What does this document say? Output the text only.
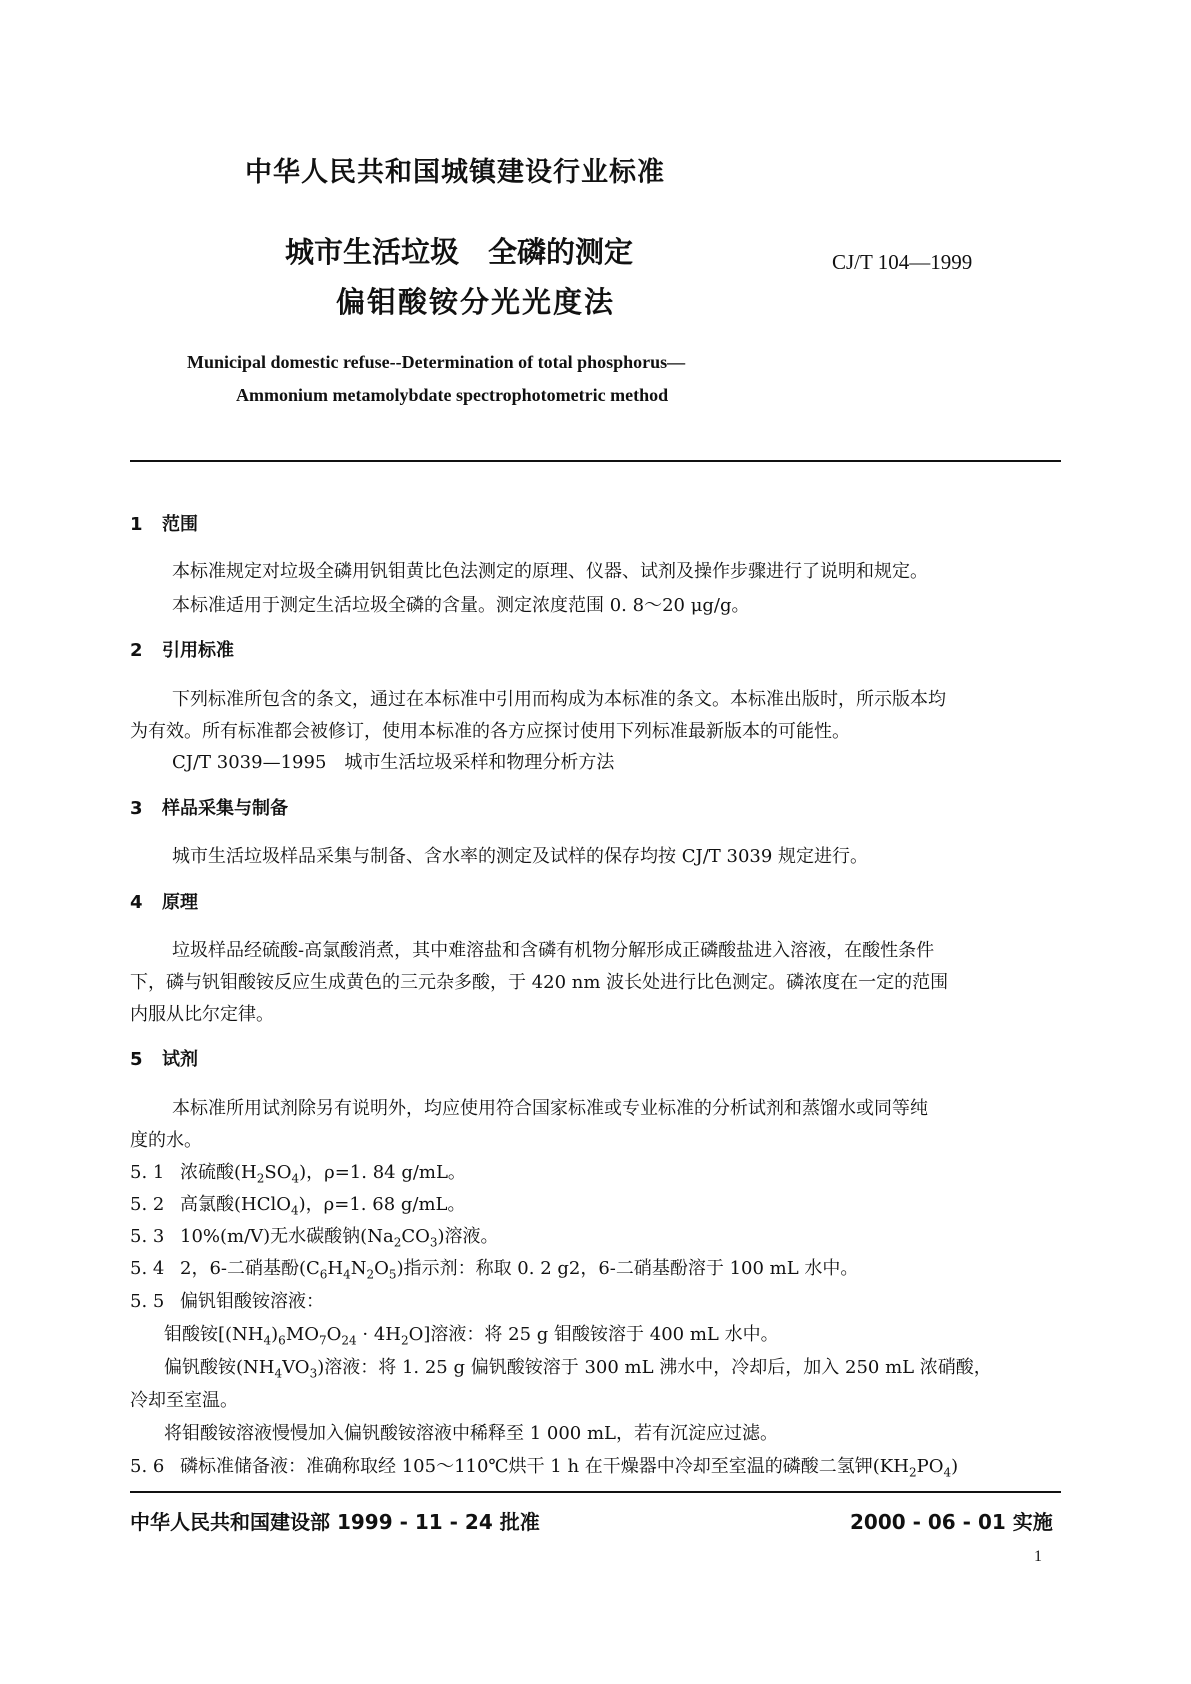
中华人民共和国城镇建设行业标准
城市生活垃圾　全磷的测定
偏钼酸铵分光光度法
CJ/T 104—1999
Municipal domestic refuse--Determination of total phosphorus—
Ammonium metamolybdate spectrophotometric method
1 范围
本标准规定对垃圾全磷用钒钼黄比色法测定的原理、仪器、试剂及操作步骤进行了说明和规定。
本标准适用于测定生活垃圾全磷的含量。测定浓度范围 0. 8～20 μg/g。
2 引用标准
下列标准所包含的条文，通过在本标准中引用而构成为本标准的条文。本标准出版时，所示版本均
为有效。所有标准都会被修订，使用本标准的各方应探讨使用下列标准最新版本的可能性。
CJ/T 3039—1995　城市生活垃圾采样和物理分析方法
3 样品采集与制备
城市生活垃圾样品采集与制备、含水率的测定及试样的保存均按 CJ/T 3039 规定进行。
4 原理
垃圾样品经硫酸-高氯酸消煮，其中难溶盐和含磷有机物分解形成正磷酸盐进入溶液，在酸性条件
下，磷与钒钼酸铵反应生成黄色的三元杂多酸，于 420 nm 波长处进行比色测定。磷浓度在一定的范围
内服从比尔定律。
5 试剂
本标准所用试剂除另有说明外，均应使用符合国家标准或专业标准的分析试剂和蒸馏水或同等纯
度的水。
5. 1 浓硫酸$(H_2SO_4)$，ρ=1. 84 g/mL。
5. 2 高氯酸(HClO$_4$)，ρ=1. 68 g/mL。
5. 3 10%(m/V)无水碳酸钠$(Na_2CO_3)$溶液。
5. 4 2，6-二硝基酚$(C_6H_4N_2O_5)$指示剂：称取 0. 2 g2，6-二硝基酚溶于 100 mL 水中。
5. 5 偏钒钼酸铵溶液：
钼酸铵$[(NH_4)_6MO_7O_{24} \cdot 4H_2O]$溶液：将 25 g 钼酸铵溶于 400 mL 水中。
偏钒酸铵$(NH_4VO_3)$溶液：将 1. 25 g 偏钒酸铵溶于 300 mL 沸水中，冷却后，加入 250 mL 浓硝酸，
冷却至室温。
将钼酸铵溶液慢慢加入偏钒酸铵溶液中稀释至 1 000 mL，若有沉淀应过滤。
5. 6 磷标准储备液：准确称取经 105～110℃烘干 1 h 在干燥器中冷却至室温的磷酸二氢钾$(KH_2PO_4)$
中华人民共和国建设部 1999 - 11 - 24 批准	2000 - 06 - 01 实施
1
